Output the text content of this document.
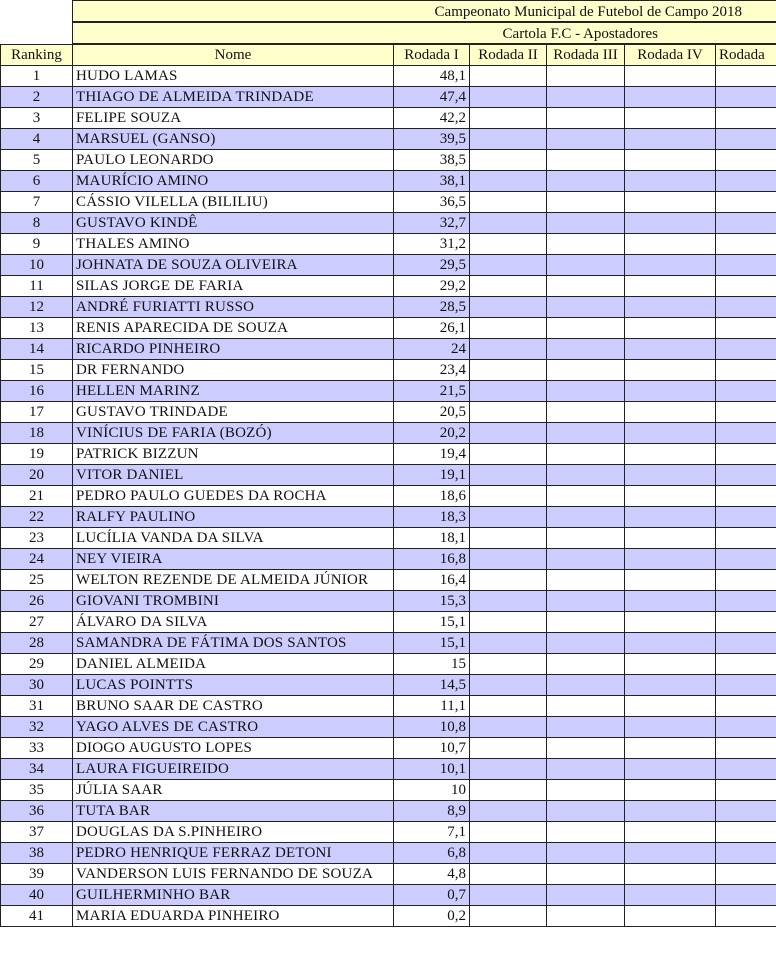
Campeonato Municipal de Futebol de Campo 2018
Cartola F.C - Apostadores
Ranking	Nome	Rodada I	Rodada II	Rodada III	Rodada IV	Rodada
1	HUDO LAMAS	48,1				
2	THIAGO DE ALMEIDA TRINDADE	47,4				
3	FELIPE SOUZA	42,2				
4	MARSUEL (GANSO)	39,5				
5	PAULO LEONARDO	38,5				
6	MAURÍCIO AMINO	38,1				
7	CÁSSIO VILELLA (BILILIU)	36,5				
8	GUSTAVO KINDÊ	32,7				
9	THALES AMINO	31,2				
10	JOHNATA DE SOUZA OLIVEIRA	29,5				
11	SILAS JORGE DE FARIA	29,2				
12	ANDRÉ FURIATTI RUSSO	28,5				
13	RENIS APARECIDA DE SOUZA	26,1				
14	RICARDO PINHEIRO	24				
15	DR FERNANDO	23,4				
16	HELLEN MARINZ	21,5				
17	GUSTAVO TRINDADE	20,5				
18	VINÍCIUS DE FARIA (BOZÓ)	20,2				
19	PATRICK BIZZUN	19,4				
20	VITOR DANIEL	19,1				
21	PEDRO PAULO GUEDES DA ROCHA	18,6				
22	RALFY PAULINO	18,3				
23	LUCÍLIA VANDA DA SILVA	18,1				
24	NEY VIEIRA	16,8				
25	WELTON REZENDE DE ALMEIDA JÚNIOR	16,4				
26	GIOVANI TROMBINI	15,3				
27	ÁLVARO DA SILVA	15,1				
28	SAMANDRA DE FÁTIMA DOS SANTOS	15,1				
29	DANIEL ALMEIDA	15				
30	LUCAS POINTTS	14,5				
31	BRUNO SAAR DE CASTRO	11,1				
32	YAGO ALVES DE CASTRO	10,8				
33	DIOGO AUGUSTO LOPES	10,7				
34	LAURA FIGUEIREIDO	10,1				
35	JÚLIA SAAR	10				
36	TUTA BAR	8,9				
37	DOUGLAS DA S.PINHEIRO	7,1				
38	PEDRO HENRIQUE FERRAZ DETONI	6,8				
39	VANDERSON LUIS FERNANDO DE SOUZA	4,8				
40	GUILHERMINHO BAR	0,7				
41	MARIA EDUARDA PINHEIRO	0,2				
